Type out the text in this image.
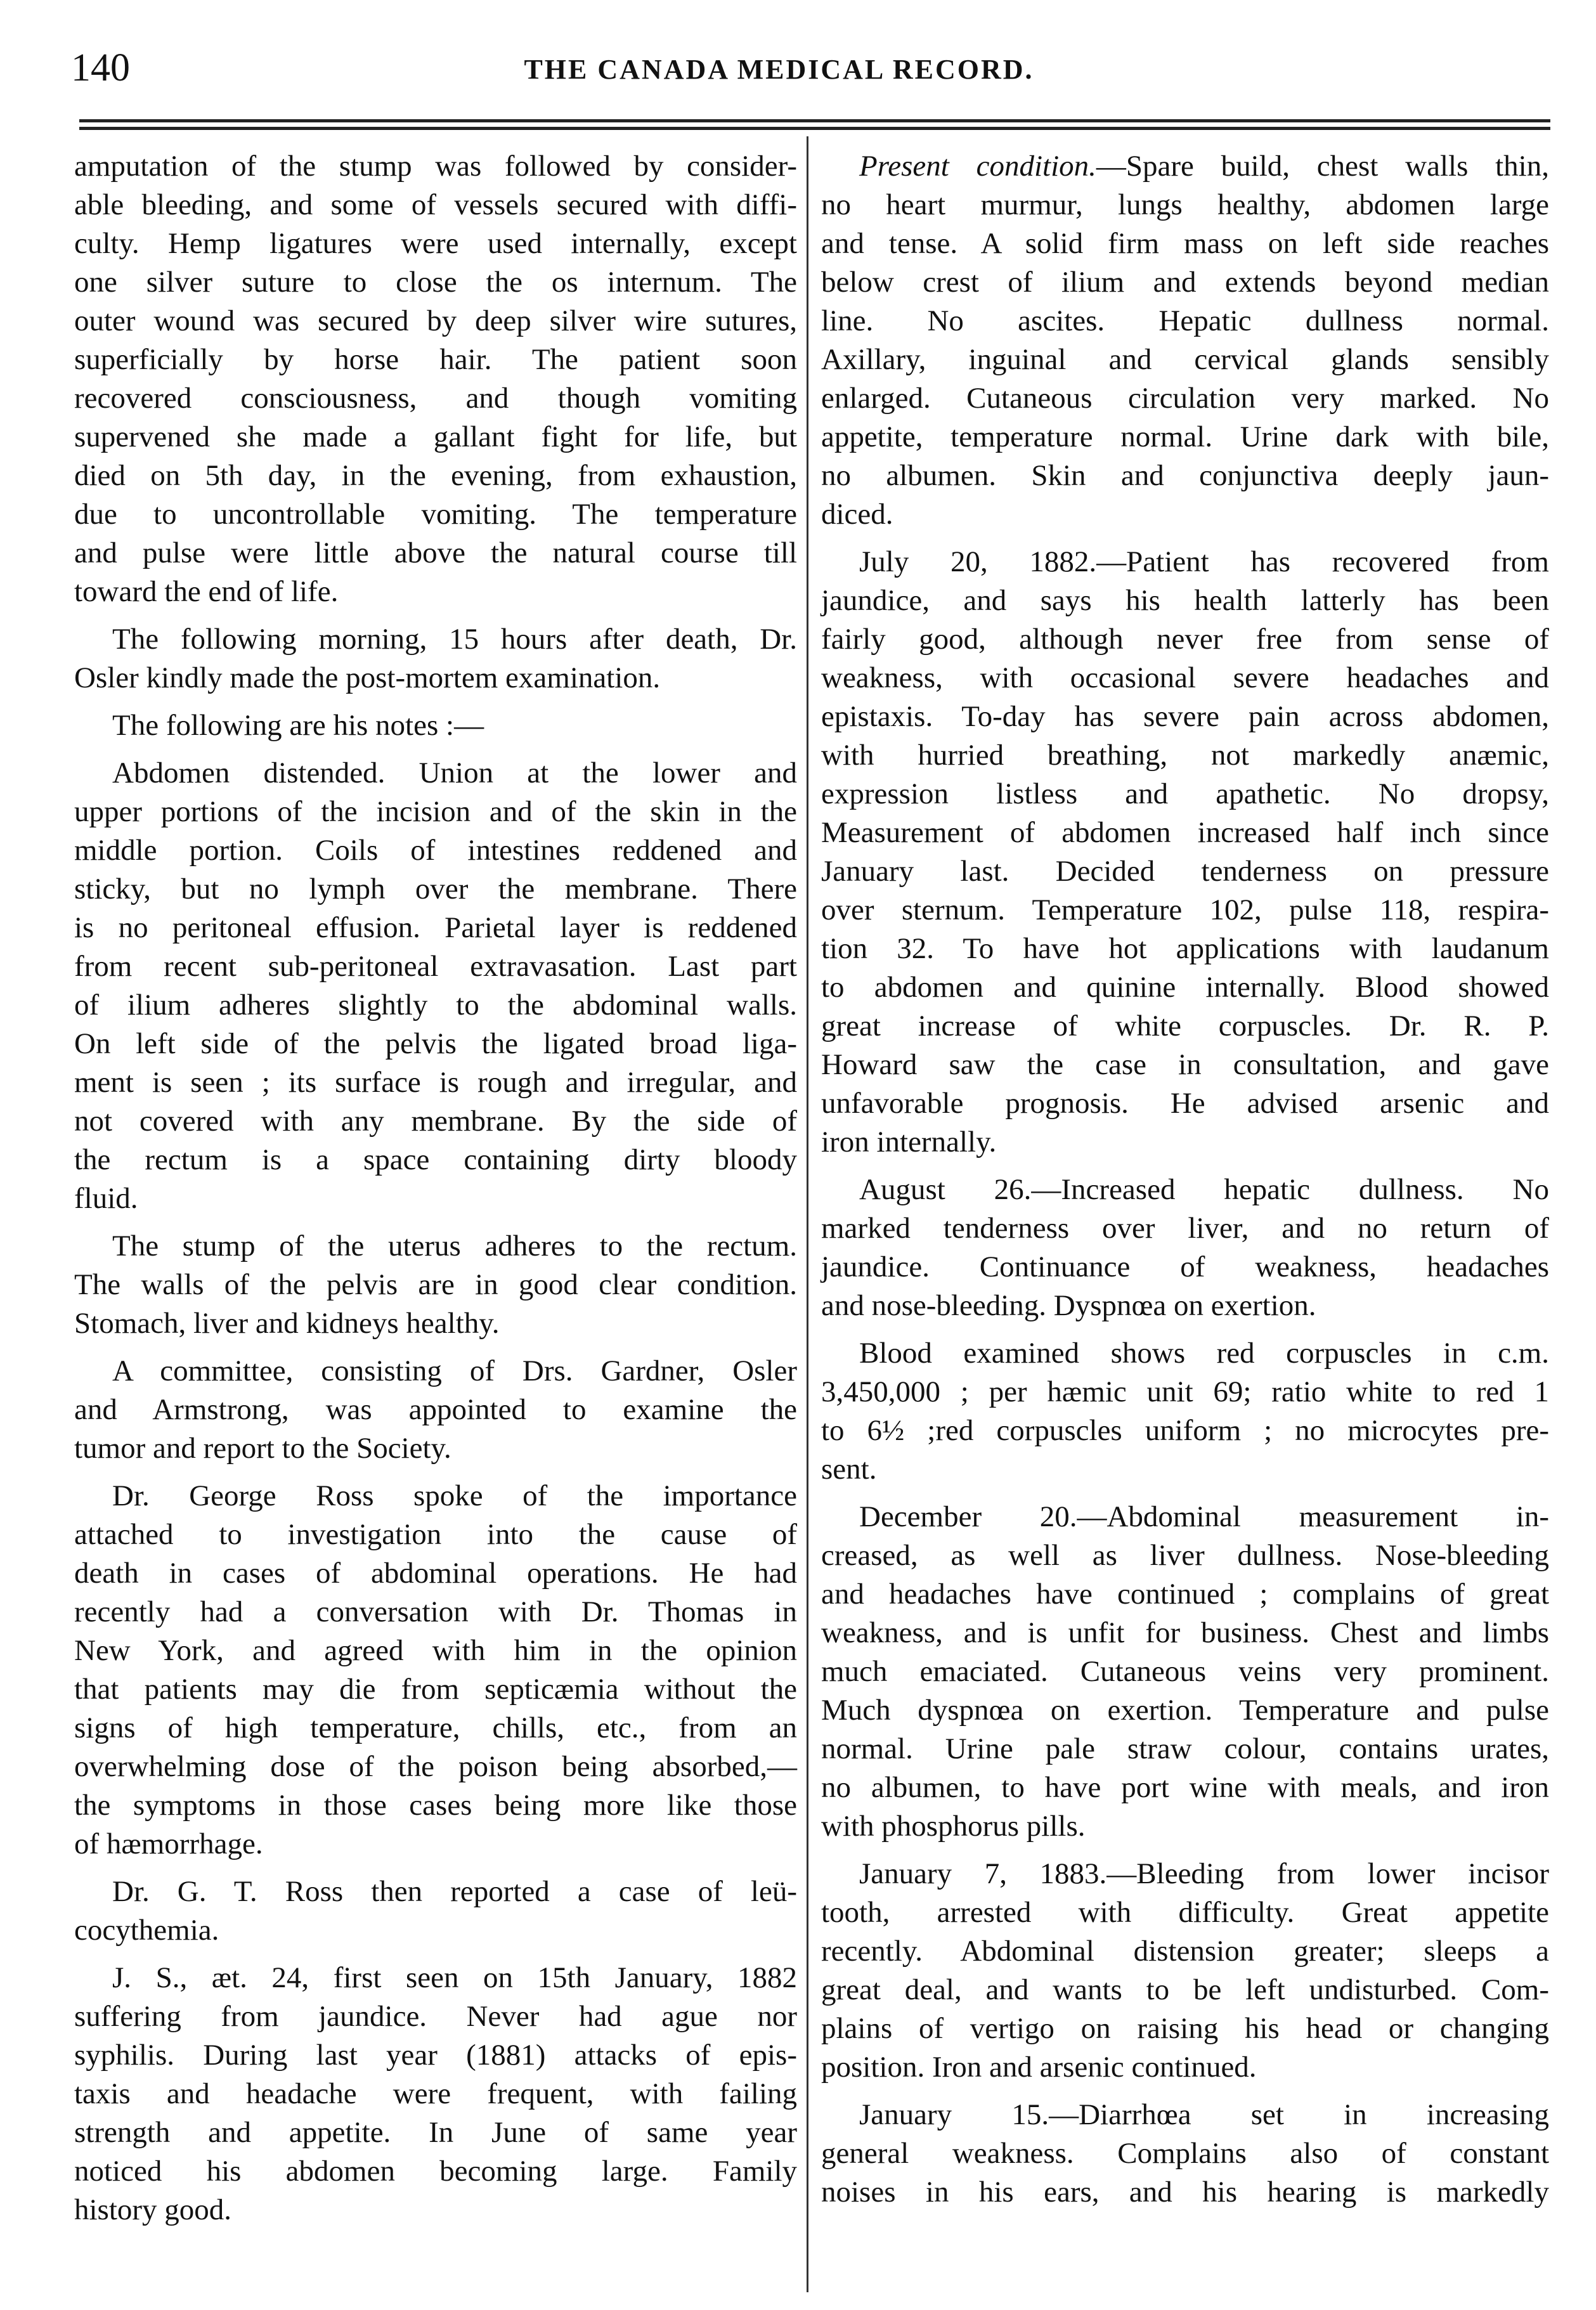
140	THE CANADA MEDICAL RECORD.
amputation of the stump was followed by consider-
able bleeding, and some of vessels secured with diffi-
culty. Hemp ligatures were used internally, except
one silver suture to close the os internum. The
outer wound was secured by deep silver wire sutures,
superficially by horse hair. The patient soon
recovered consciousness, and though vomiting
supervened she made a gallant fight for life, but
died on 5th day, in the evening, from exhaustion,
due to uncontrollable vomiting. The temperature
and pulse were little above the natural course till
toward the end of life.
The following morning, 15 hours after death, Dr.
Osler kindly made the post-mortem examination.
The following are his notes :—
Abdomen distended. Union at the lower and
upper portions of the incision and of the skin in the
middle portion. Coils of intestines reddened and
sticky, but no lymph over the membrane. There
is no peritoneal effusion. Parietal layer is reddened
from recent sub-peritoneal extravasation. Last part
of ilium adheres slightly to the abdominal walls.
On left side of the pelvis the ligated broad liga-
ment is seen ; its surface is rough and irregular, and
not covered with any membrane. By the side of
the rectum is a space containing dirty bloody
fluid.
The stump of the uterus adheres to the rectum.
The walls of the pelvis are in good clear condition.
Stomach, liver and kidneys healthy.
A committee, consisting of Drs. Gardner, Osler
and Armstrong, was appointed to examine the
tumor and report to the Society.
Dr. George Ross spoke of the importance
attached to investigation into the cause of
death in cases of abdominal operations. He had
recently had a conversation with Dr. Thomas in
New York, and agreed with him in the opinion
that patients may die from septicæmia without the
signs of high temperature, chills, etc., from an
overwhelming dose of the poison being absorbed,—
the symptoms in those cases being more like those
of hæmorrhage.
Dr. G. T. Ross then reported a case of leü-
cocythemia.
J. S., æt. 24, first seen on 15th January, 1882
suffering from jaundice. Never had ague nor
syphilis. During last year (1881) attacks of epis-
taxis and headache were frequent, with failing
strength and appetite. In June of same year
noticed his abdomen becoming large. Family
history good.
Present condition.—Spare build, chest walls thin,
no heart murmur, lungs healthy, abdomen large
and tense. A solid firm mass on left side reaches
below crest of ilium and extends beyond median
line. No ascites. Hepatic dullness normal.
Axillary, inguinal and cervical glands sensibly
enlarged. Cutaneous circulation very marked. No
appetite, temperature normal. Urine dark with bile,
no albumen. Skin and conjunctiva deeply jaun-
diced.
July 20, 1882.—Patient has recovered from
jaundice, and says his health latterly has been
fairly good, although never free from sense of
weakness, with occasional severe headaches and
epistaxis. To-day has severe pain across abdomen,
with hurried breathing, not markedly anæmic,
expression listless and apathetic. No dropsy,
Measurement of abdomen increased half inch since
January last. Decided tenderness on pressure
over sternum. Temperature 102, pulse 118, respira-
tion 32. To have hot applications with laudanum
to abdomen and quinine internally. Blood showed
great increase of white corpuscles. Dr. R. P.
Howard saw the case in consultation, and gave
unfavorable prognosis. He advised arsenic and
iron internally.
August 26.—Increased hepatic dullness. No
marked tenderness over liver, and no return of
jaundice. Continuance of weakness, headaches
and nose-bleeding. Dyspnœa on exertion.
Blood examined shows red corpuscles in c.m.
3,450,000 ; per hæmic unit 69; ratio white to red 1
to 6½ ;red corpuscles uniform ; no microcytes pre-
sent.
December 20.—Abdominal measurement in-
creased, as well as liver dullness. Nose-bleeding
and headaches have continued ; complains of great
weakness, and is unfit for business. Chest and limbs
much emaciated. Cutaneous veins very prominent.
Much dyspnœa on exertion. Temperature and pulse
normal. Urine pale straw colour, contains urates,
no albumen, to have port wine with meals, and iron
with phosphorus pills.
January 7, 1883.—Bleeding from lower incisor
tooth, arrested with difficulty. Great appetite
recently. Abdominal distension greater; sleeps a
great deal, and wants to be left undisturbed. Com-
plains of vertigo on raising his head or changing
position. Iron and arsenic continued.
January 15.—Diarrhœa set in increasing
general weakness. Complains also of constant
noises in his ears, and his hearing is markedly
